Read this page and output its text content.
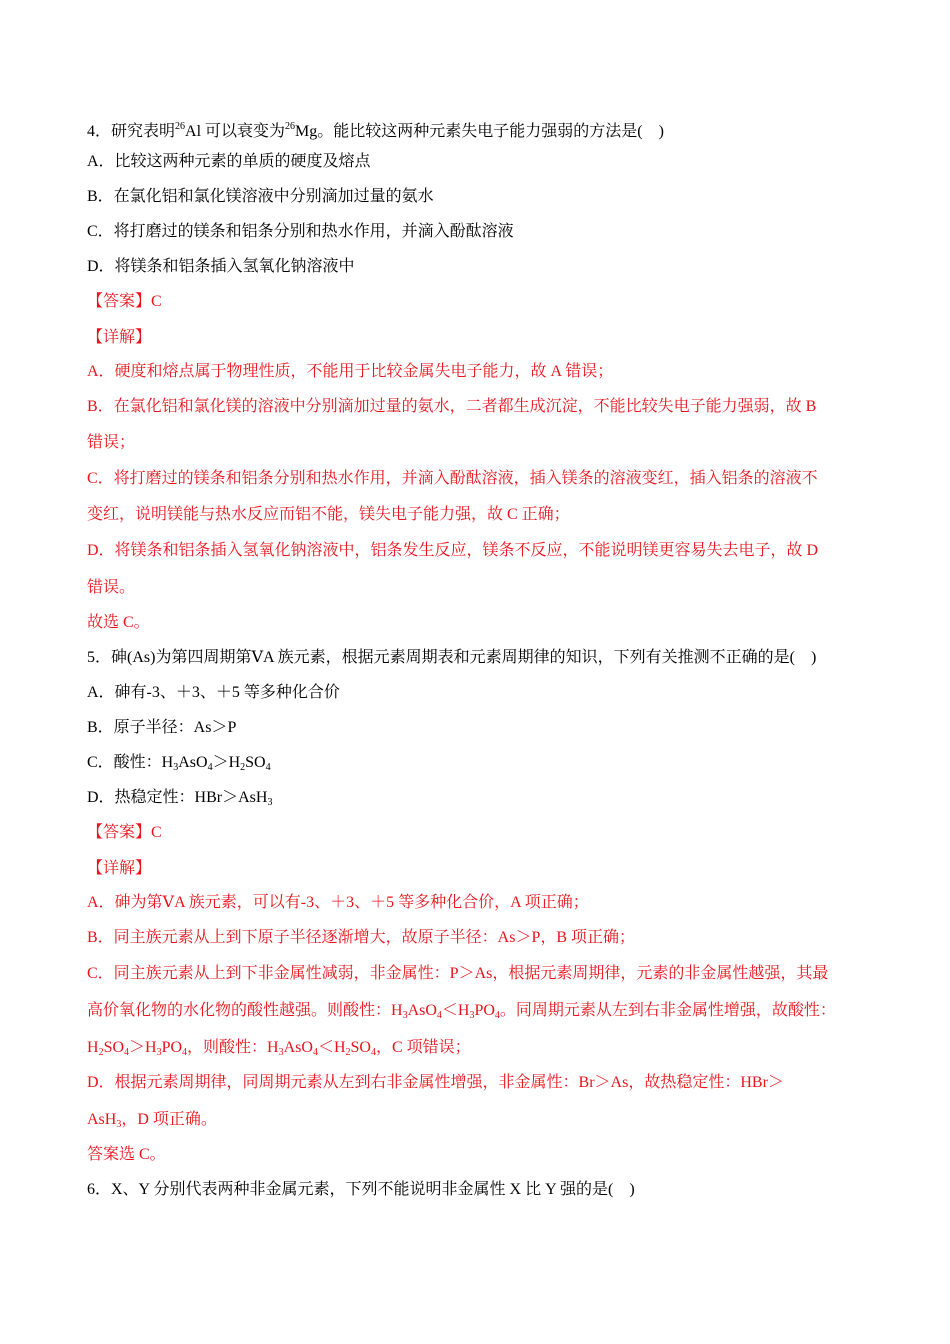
4．研究表明$^{26}$Al 可以衰变为$^{26}$Mg。能比较这两种元素失电子能力强弱的方法是(　)
A．比较这两种元素的单质的硬度及熔点
B．在氯化铝和氯化镁溶液中分别滴加过量的氨水
C．将打磨过的镁条和铝条分别和热水作用，并滴入酚酞溶液
D．将镁条和铝条插入氢氧化钠溶液中
【答案】C
【详解】
A．硬度和熔点属于物理性质，不能用于比较金属失电子能力，故 A 错误；
B．在氯化铝和氯化镁的溶液中分别滴加过量的氨水，二者都生成沉淀，不能比较失电子能力强弱，故 B
错误；
C．将打磨过的镁条和铝条分别和热水作用，并滴入酚酞溶液，插入镁条的溶液变红，插入铝条的溶液不
变红，说明镁能与热水反应而铝不能，镁失电子能力强，故 C 正确；
D．将镁条和铝条插入氢氧化钠溶液中，铝条发生反应，镁条不反应，不能说明镁更容易失去电子，故 D
错误。
故选 C。
5．砷(As)为第四周期第ⅤA 族元素，根据元素周期表和元素周期律的知识，下列有关推测不正确的是(　)
A．砷有-3、＋3、＋5 等多种化合价
B．原子半径：As＞P
C．酸性：$H_3AsO_4>H_2SO_4$
D．热稳定性：HBr＞AsH$_3$
【答案】C
【详解】
A．砷为第ⅤA 族元素，可以有-3、＋3、＋5 等多种化合价，A 项正确；
B．同主族元素从上到下原子半径逐渐增大，故原子半径：As＞P，B 项正确；
C．同主族元素从上到下非金属性减弱，非金属性：P＞As，根据元素周期律，元素的非金属性越强，其最
高价氧化物的水化物的酸性越强。则酸性：$H_3AsO_4<H_3PO_4$。同周期元素从左到右非金属性增强，故酸性：
$H_2SO_4>H_3PO_4$，则酸性：$H_3AsO_4<H_2SO_4$，C 项错误；
D．根据元素周期律，同周期元素从左到右非金属性增强，非金属性：Br＞As，故热稳定性：HBr＞
AsH$_3$，D 项正确。
答案选 C。
6．X、Y 分别代表两种非金属元素，下列不能说明非金属性 X 比 Y 强的是(　)
